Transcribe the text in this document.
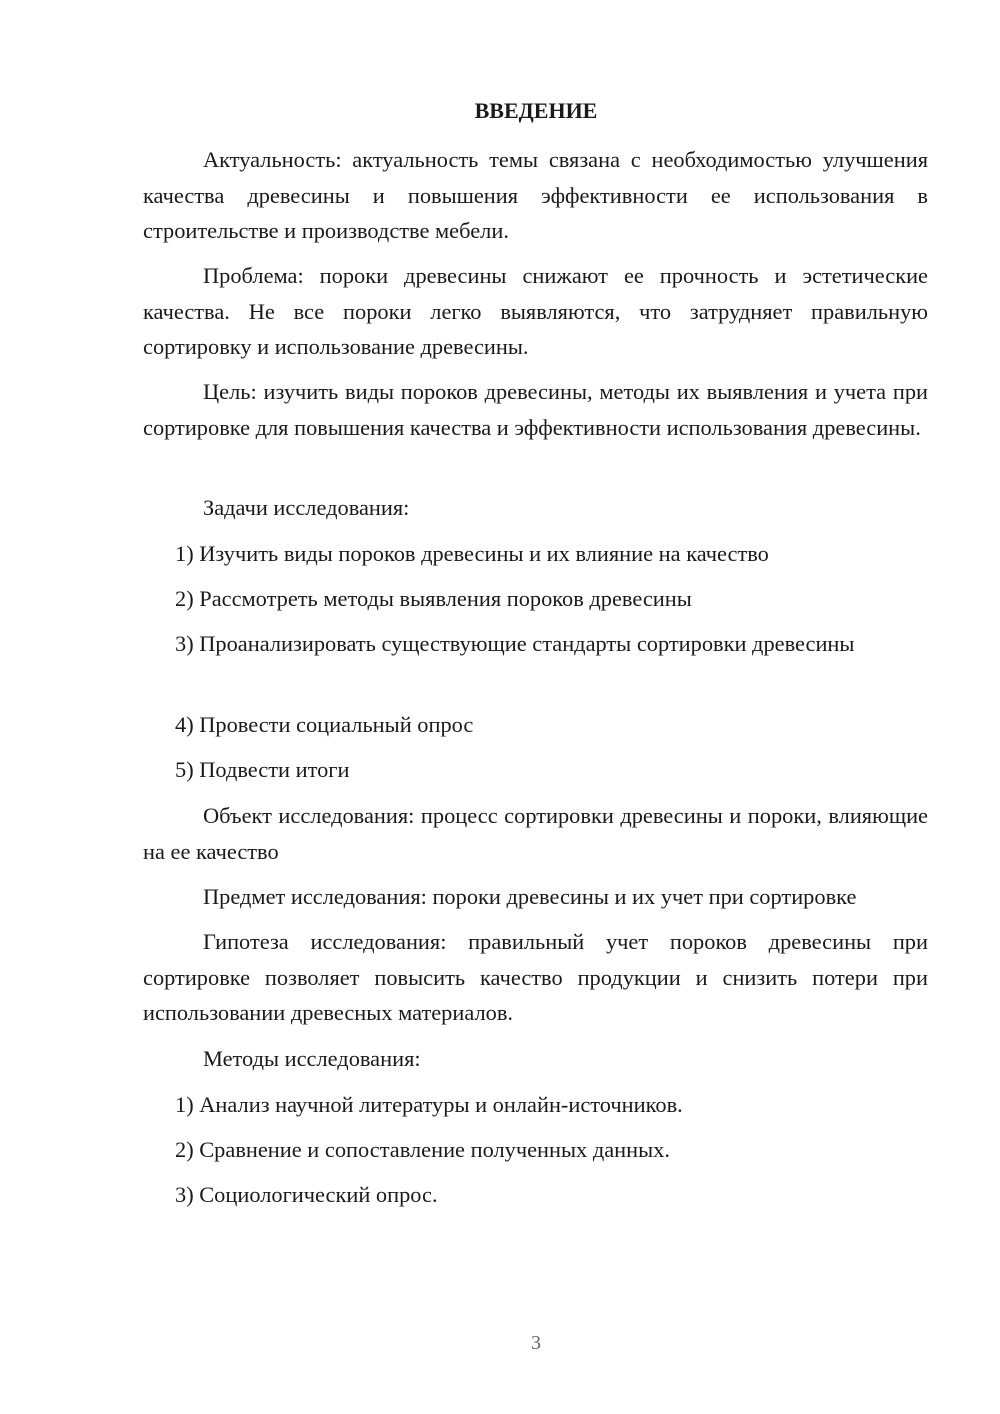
ВВЕДЕНИЕ

Актуальность: актуальность темы связана с необходимостью улучшения качества древесины и повышения эффективности ее использования в строительстве и производстве мебели.

Проблема: пороки древесины снижают ее прочность и эстетические качества. Не все пороки легко выявляются, что затрудняет правильную сортировку и использование древесины.

Цель: изучить виды пороков древесины, методы их выявления и учета при сортировке для повышения качества и эффективности использования древесины.

Задачи исследования:

1) Изучить виды пороков древесины и их влияние на качество

2) Рассмотреть методы выявления пороков древесины

3) Проанализировать существующие стандарты сортировки древесины

4) Провести социальный опрос

5) Подвести итоги

Объект исследования: процесс сортировки древесины и пороки, влияющие на ее качество

Предмет исследования: пороки древесины и их учет при сортировке

Гипотеза исследования: правильный учет пороков древесины при сортировке позволяет повысить качество продукции и снизить потери при использовании древесных материалов.

Методы исследования:

1) Анализ научной литературы и онлайн-источников.

2) Сравнение и сопоставление полученных данных.

3) Социологический опрос.

3
